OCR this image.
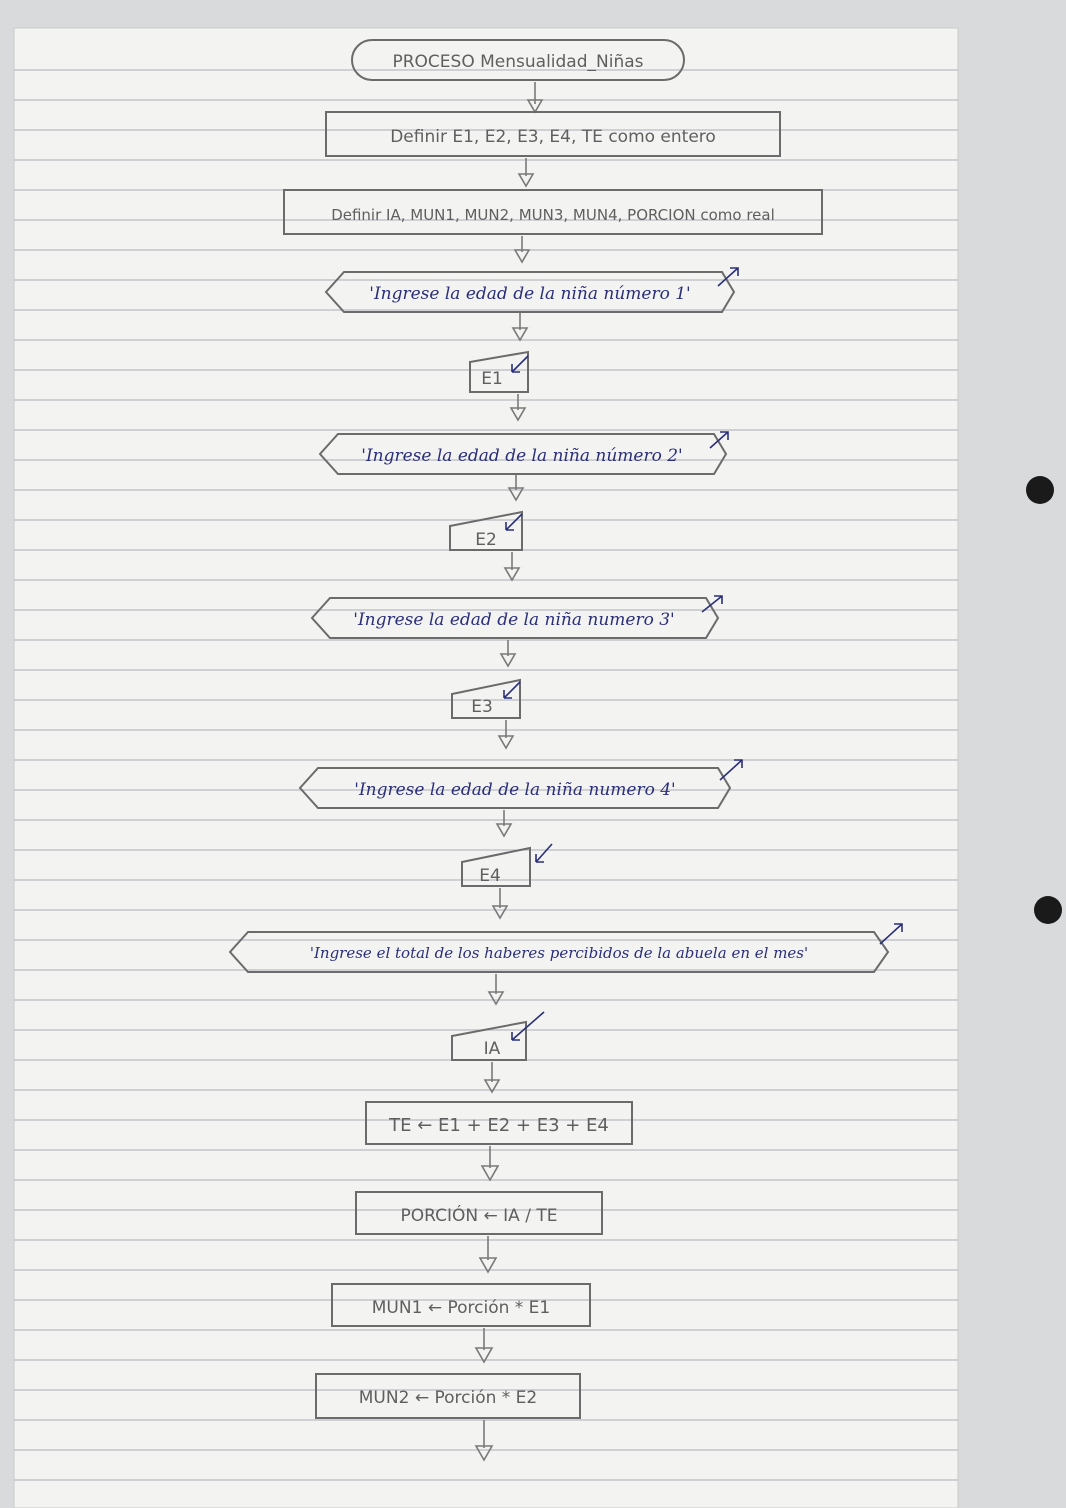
PROCESO Mensualidad_Niñas
Definir E1, E2, E3, E4, TE como entero
Definir IA, MUN1, MUN2, MUN3, MUN4, PORCION como real
'Ingrese la edad de la niña número 1'
E1
'Ingrese la edad de la niña número 2'
E2
'Ingrese la edad de la niña numero 3'
E3
'Ingrese la edad de la niña numero 4'
E4
'Ingrese el total de los haberes percibidos de la abuela en el mes'
IA
TE ← E1 + E2 + E3 + E4
PORCIÓN ← IA / TE
MUN1 ← Porción * E1
MUN2 ← Porción * E2
